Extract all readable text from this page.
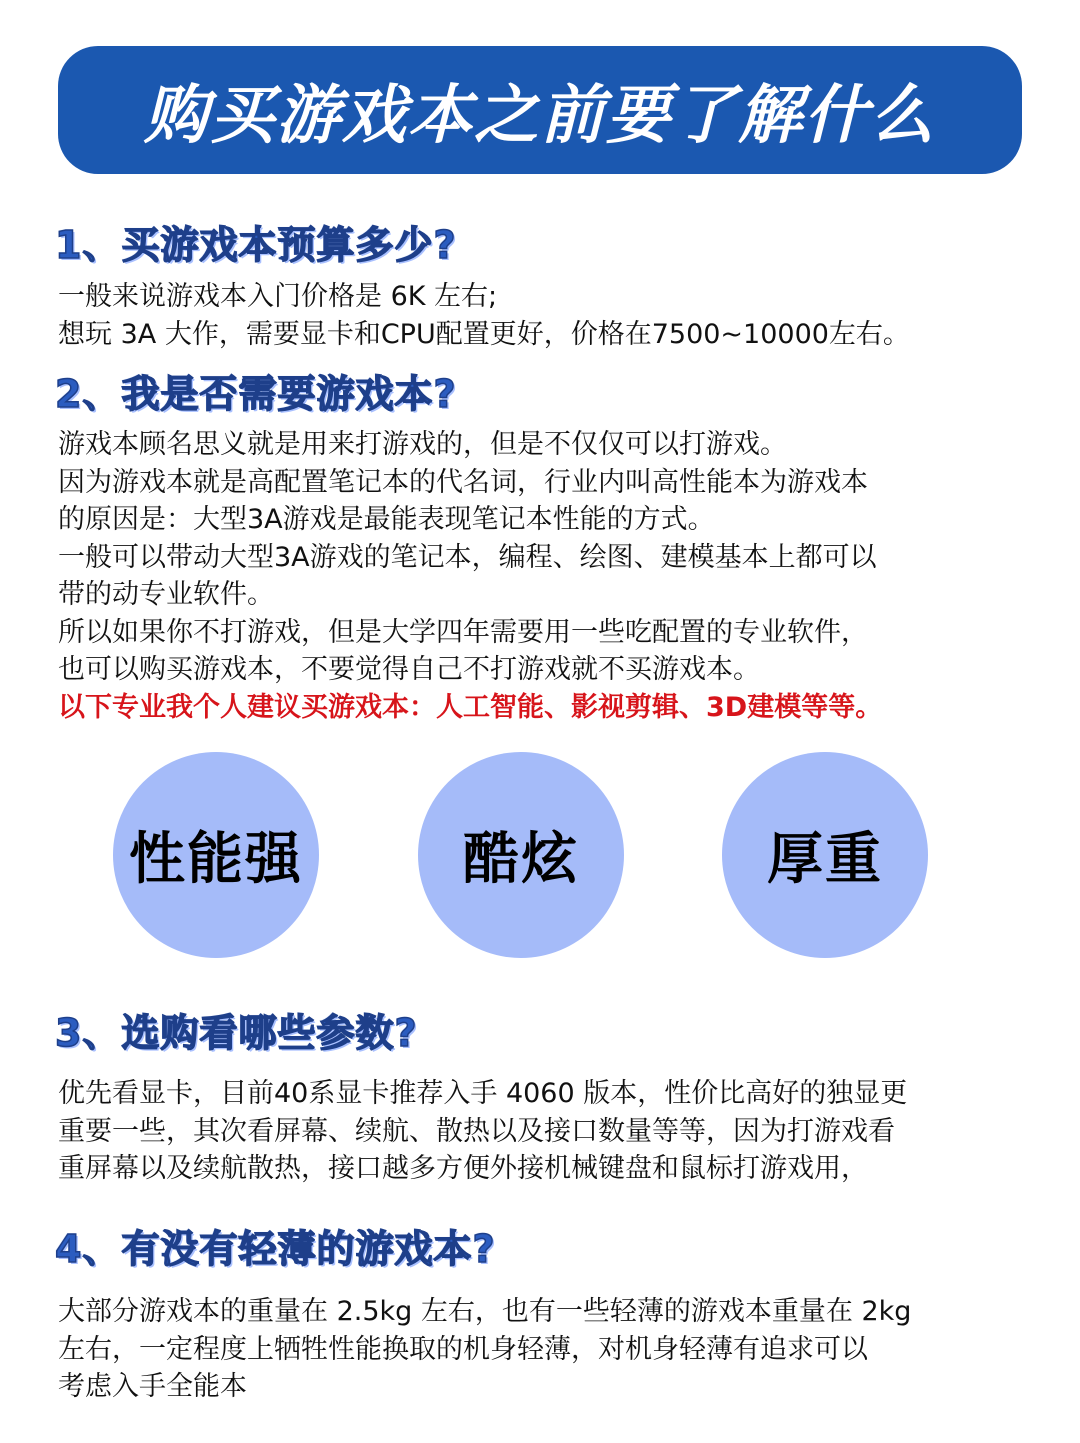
购买游戏本之前要了解什么
1、买游戏本预算多少?
一般来说游戏本入门价格是 6K 左右;
想玩 3A 大作，需要显卡和CPU配置更好，价格在7500~10000左右。
2、我是否需要游戏本?
游戏本顾名思义就是用来打游戏的，但是不仅仅可以打游戏。
因为游戏本就是高配置笔记本的代名词，行业内叫高性能本为游戏本
的原因是：大型3A游戏是最能表现笔记本性能的方式。
一般可以带动大型3A游戏的笔记本，编程、绘图、建模基本上都可以
带的动专业软件。
所以如果你不打游戏，但是大学四年需要用一些吃配置的专业软件，
也可以购买游戏本，不要觉得自己不打游戏就不买游戏本。
以下专业我个人建议买游戏本：人工智能、影视剪辑、3D建模等等。
性能强	酷炫	厚重
3、选购看哪些参数?
优先看显卡，目前40系显卡推荐入手 4060 版本，性价比高好的独显更
重要一些，其次看屏幕、续航、散热以及接口数量等等，因为打游戏看
重屏幕以及续航散热，接口越多方便外接机械键盘和鼠标打游戏用，
4、有没有轻薄的游戏本?
大部分游戏本的重量在 2.5kg 左右，也有一些轻薄的游戏本重量在 2kg
左右，一定程度上牺牲性能换取的机身轻薄，对机身轻薄有追求可以
考虑入手全能本
